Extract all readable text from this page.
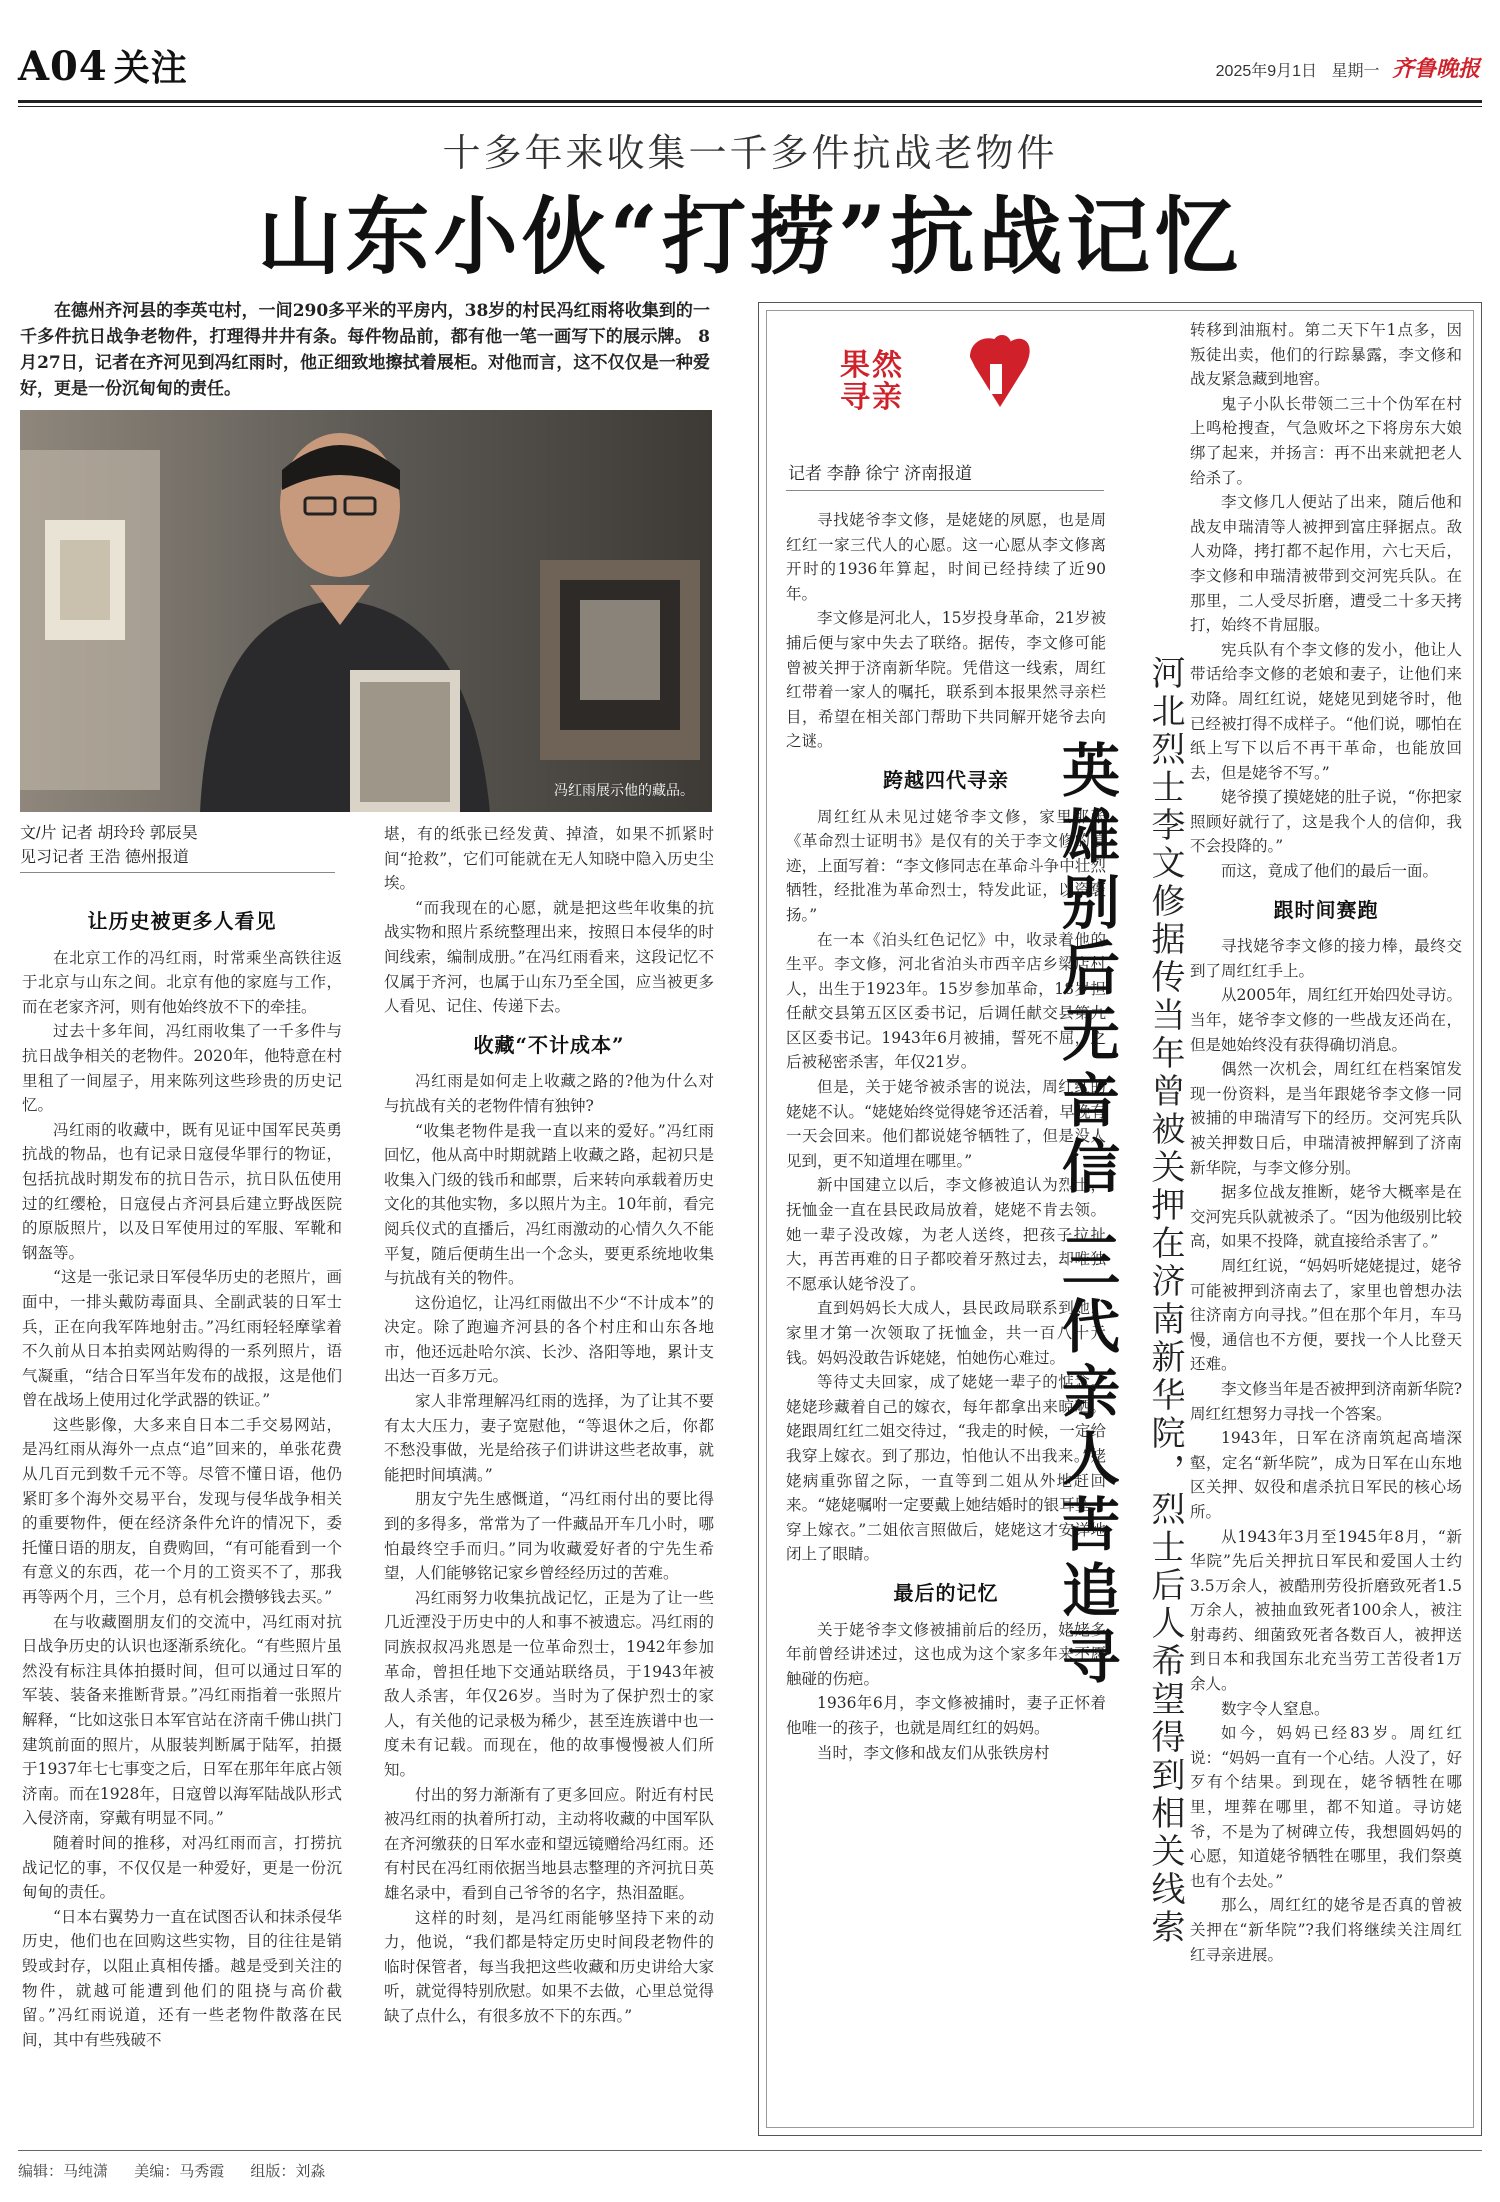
A04 关注	2025年9月1日 星期一 齐鲁晚报
十多年来收集一千多件抗战老物件
山东小伙“打捞”抗战记忆
在德州齐河县的李英屯村，一间290多平米的平房内，38岁的村民冯红雨将收集到的一千多件抗日战争老物件，打理得井井有条。每件物品前，都有他一笔一画写下的展示牌。 8月27日，记者在齐河见到冯红雨时，他正细致地擦拭着展柜。对他而言，这不仅仅是一种爱好，更是一份沉甸甸的责任。
冯红雨展示他的藏品。
文/片 记者 胡玲玲 郭辰昊
见习记者 王浩 德州报道
让历史被更多人看见

在北京工作的冯红雨，时常乘坐高铁往返于北京与山东之间。北京有他的家庭与工作，而在老家齐河，则有他始终放不下的牵挂。

过去十多年间，冯红雨收集了一千多件与抗日战争相关的老物件。2020年，他特意在村里租了一间屋子，用来陈列这些珍贵的历史记忆。

冯红雨的收藏中，既有见证中国军民英勇抗战的物品，也有记录日寇侵华罪行的物证，包括抗战时期发布的抗日告示，抗日队伍使用过的红缨枪，日寇侵占齐河县后建立野战医院的原版照片，以及日军使用过的军服、军靴和钢盔等。

“这是一张记录日军侵华历史的老照片，画面中，一排头戴防毒面具、全副武装的日军士兵，正在向我军阵地射击。”冯红雨轻轻摩挲着不久前从日本拍卖网站购得的一系列照片，语气凝重，“结合日军当年发布的战报，这是他们曾在战场上使用过化学武器的铁证。”

这些影像，大多来自日本二手交易网站，是冯红雨从海外一点点“追”回来的，单张花费从几百元到数千元不等。尽管不懂日语，他仍紧盯多个海外交易平台，发现与侵华战争相关的重要物件，便在经济条件允许的情况下，委托懂日语的朋友，自费购回，“有可能看到一个有意义的东西，花一个月的工资买不了，那我再等两个月，三个月，总有机会攒够钱去买。”

在与收藏圈朋友们的交流中，冯红雨对抗日战争历史的认识也逐渐系统化。“有些照片虽然没有标注具体拍摄时间，但可以通过日军的军装、装备来推断背景。”冯红雨指着一张照片解释，“比如这张日本军官站在济南千佛山拱门建筑前面的照片，从服装判断属于陆军，拍摄于1937年七七事变之后，日军在那年年底占领济南。而在1928年，日寇曾以海军陆战队形式入侵济南，穿戴有明显不同。”

随着时间的推移，对冯红雨而言，打捞抗战记忆的事，不仅仅是一种爱好，更是一份沉甸甸的责任。

“日本右翼势力一直在试图否认和抹杀侵华历史，他们也在回购这些实物，目的往往是销毁或封存，以阻止真相传播。越是受到关注的物件，就越可能遭到他们的阻挠与高价截留。”冯红雨说道，还有一些老物件散落在民间，其中有些残破不

堪，有的纸张已经发黄、掉渣，如果不抓紧时间“抢救”，它们可能就在无人知晓中隐入历史尘埃。

“而我现在的心愿，就是把这些年收集的抗战实物和照片系统整理出来，按照日本侵华的时间线索，编制成册。”在冯红雨看来，这段记忆不仅属于齐河，也属于山东乃至全国，应当被更多人看见、记住、传递下去。

收藏“不计成本”

冯红雨是如何走上收藏之路的?他为什么对与抗战有关的老物件情有独钟?

“收集老物件是我一直以来的爱好。”冯红雨回忆，他从高中时期就踏上收藏之路，起初只是收集入门级的钱币和邮票，后来转向承载着历史文化的其他实物，多以照片为主。10年前，看完阅兵仪式的直播后，冯红雨激动的心情久久不能平复，随后便萌生出一个念头，要更系统地收集与抗战有关的物件。

这份追忆，让冯红雨做出不少“不计成本”的决定。除了跑遍齐河县的各个村庄和山东各地市，他还远赴哈尔滨、长沙、洛阳等地，累计支出达一百多万元。

家人非常理解冯红雨的选择，为了让其不要有太大压力，妻子宽慰他，“等退休之后，你都不愁没事做，光是给孩子们讲讲这些老故事，就能把时间填满。”

朋友宁先生感慨道，“冯红雨付出的要比得到的多得多，常常为了一件藏品开车几小时，哪怕最终空手而归。”同为收藏爱好者的宁先生希望，人们能够铭记家乡曾经经历过的苦难。

冯红雨努力收集抗战记忆，正是为了让一些几近湮没于历史中的人和事不被遗忘。冯红雨的同族叔叔冯兆恩是一位革命烈士，1942年参加革命，曾担任地下交通站联络员，于1943年被敌人杀害，年仅26岁。当时为了保护烈士的家人，有关他的记录极为稀少，甚至连族谱中也一度未有记载。而现在，他的故事慢慢被人们所知。

付出的努力渐渐有了更多回应。附近有村民被冯红雨的执着所打动，主动将收藏的中国军队在齐河缴获的日军水壶和望远镜赠给冯红雨。还有村民在冯红雨依据当地县志整理的齐河抗日英雄名录中，看到自己爷爷的名字，热泪盈眶。

这样的时刻，是冯红雨能够坚持下来的动力，他说，“我们都是特定历史时间段老物件的临时保管者，每当我把这些收藏和历史讲给大家听，就觉得特别欣慰。如果不去做，心里总觉得缺了点什么，有很多放不下的东西。”

果然寻亲
记者 李静 徐宁 济南报道

寻找姥爷李文修，是姥姥的夙愿，也是周红红一家三代人的心愿。这一心愿从李文修离开时的1936年算起，时间已经持续了近90年。

李文修是河北人，15岁投身革命，21岁被捕后便与家中失去了联络。据传，李文修可能曾被关押于济南新华院。凭借这一线索，周红红带着一家人的嘱托，联系到本报果然寻亲栏目，希望在相关部门帮助下共同解开姥爷去向之谜。

跨越四代寻亲

周红红从未见过姥爷李文修，家里那张《革命烈士证明书》是仅有的关于李文修的痕迹，上面写着：“李文修同志在革命斗争中壮烈牺牲，经批准为革命烈士，特发此证，以资褒扬。”

在一本《泊头红色记忆》中，收录着他的生平。李文修，河北省泊头市西辛店乡梁店村人，出生于1923年。15岁参加革命，18岁担任献交县第五区区委书记，后调任献交县第九区区委书记。1943年6月被捕，誓死不屈，之后被秘密杀害，年仅21岁。

但是，关于姥爷被杀害的说法，周红红的姥姥不认。“姥姥始终觉得姥爷还活着，早晚有一天会回来。他们都说姥爷牺牲了，但是没人见到，更不知道埋在哪里。”

新中国建立以后，李文修被追认为烈士，抚恤金一直在县民政局放着，姥姥不肯去领。她一辈子没改嫁，为老人送终，把孩子拉扯大，再苦再难的日子都咬着牙熬过去，却唯独不愿承认姥爷没了。

直到妈妈长大成人，县民政局联系到她，家里才第一次领取了抚恤金，共一百八十元钱。妈妈没敢告诉姥姥，怕她伤心难过。

等待丈夫回家，成了姥姥一辈子的惦念。姥姥珍藏着自己的嫁衣，每年都拿出来晾晒。姥跟周红红二姐交待过，“我走的时候，一定给我穿上嫁衣。到了那边，怕他认不出我来。”姥姥病重弥留之际，一直等到二姐从外地赶回来。“姥姥嘱咐一定要戴上她结婚时的银耳坠，穿上嫁衣。”二姐依言照做后，姥姥这才安详地闭上了眼睛。

最后的记忆

关于姥爷李文修被捕前后的经历，姥姥多年前曾经讲述过，这也成为这个家多年来不愿触碰的伤疤。

1936年6月，李文修被捕时，妻子正怀着他唯一的孩子，也就是周红红的妈妈。

当时，李文修和战友们从张铁房村

英雄别后无音信 三代亲人苦追寻 河北烈士李文修据传当年曾被关押在济南新华院，烈士后人希望得到相关线索

转移到油瓶村。第二天下午1点多，因叛徒出卖，他们的行踪暴露，李文修和战友紧急藏到地窖。

鬼子小队长带领二三十个伪军在村上鸣枪搜查，气急败坏之下将房东大娘绑了起来，并扬言：再不出来就把老人给杀了。

李文修几人便站了出来，随后他和战友申瑞清等人被押到富庄驿据点。敌人劝降，拷打都不起作用，六七天后，李文修和申瑞清被带到交河宪兵队。在那里，二人受尽折磨，遭受二十多天拷打，始终不肯屈服。

宪兵队有个李文修的发小，他让人带话给李文修的老娘和妻子，让他们来劝降。周红红说，姥姥见到姥爷时，他已经被打得不成样子。“他们说，哪怕在纸上写下以后不再干革命，也能放回去，但是姥爷不写。”

姥爷摸了摸姥姥的肚子说，“你把家照顾好就行了，这是我个人的信仰，我不会投降的。”

而这，竟成了他们的最后一面。

跟时间赛跑

寻找姥爷李文修的接力棒，最终交到了周红红手上。

从2005年，周红红开始四处寻访。当年，姥爷李文修的一些战友还尚在，但是她始终没有获得确切消息。

偶然一次机会，周红红在档案馆发现一份资料，是当年跟姥爷李文修一同被捕的申瑞清写下的经历。交河宪兵队被关押数日后，申瑞清被押解到了济南新华院，与李文修分别。

据多位战友推断，姥爷大概率是在交河宪兵队就被杀了。“因为他级别比较高，如果不投降，就直接给杀害了。”

周红红说，“妈妈听姥姥提过，姥爷可能被押到济南去了，家里也曾想办法往济南方向寻找。”但在那个年月，车马慢，通信也不方便，要找一个人比登天还难。

李文修当年是否被押到济南新华院?周红红想努力寻找一个答案。

1943年，日军在济南筑起高墙深壑，定名“新华院”，成为日军在山东地区关押、奴役和虐杀抗日军民的核心场所。

从1943年3月至1945年8月，“新华院”先后关押抗日军民和爱国人士约3.5万余人，被酷刑劳役折磨致死者1.5万余人，被抽血致死者100余人，被注射毒药、细菌致死者各数百人，被押送到日本和我国东北充当劳工苦役者1万余人。

数字令人窒息。

如今，妈妈已经83岁。周红红说：“妈妈一直有一个心结。人没了，好歹有个结果。到现在，姥爷牺牲在哪里，埋葬在哪里，都不知道。寻访姥爷，不是为了树碑立传，我想圆妈妈的心愿，知道姥爷牺牲在哪里，我们祭奠也有个去处。”

那么，周红红的姥爷是否真的曾被关押在“新华院”?我们将继续关注周红红寻亲进展。

编辑：马纯潇 美编：马秀霞 组版：刘淼
